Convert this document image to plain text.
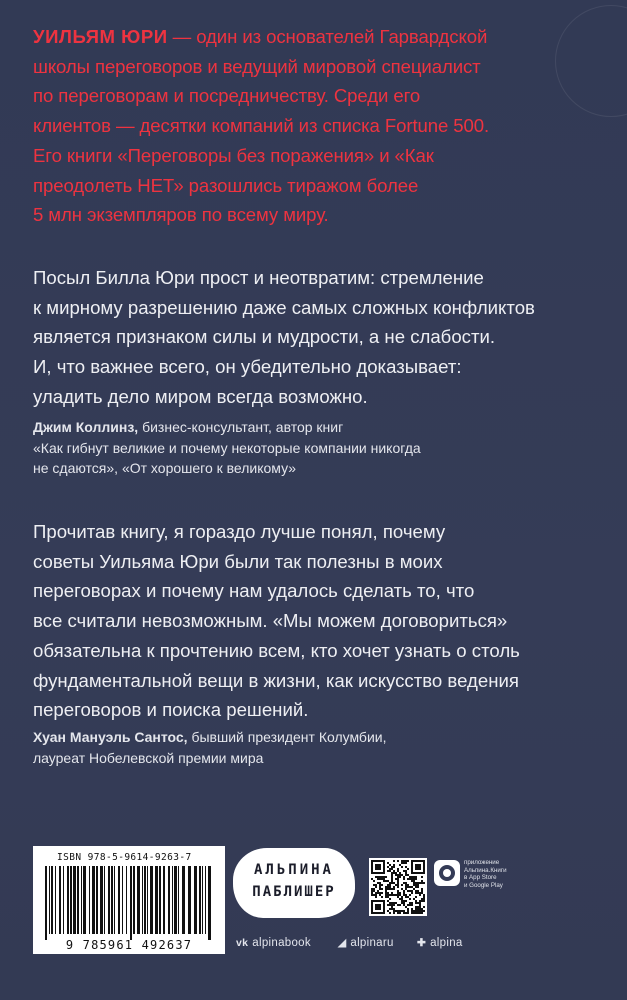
УИЛЬЯМ ЮРИ — один из основателей Гарвардской
школы переговоров и ведущий мировой специалист
по переговорам и посредничеству. Среди его
клиентов — десятки компаний из списка Fortune 500.
Его книги «Переговоры без поражения» и «Как
преодолеть НЕТ» разошлись тиражом более
5 млн экземпляров по всему миру.
Посыл Билла Юри прост и неотвратим: стремление
к мирному разрешению даже самых сложных конфликтов
является признаком силы и мудрости, а не слабости.
И, что важнее всего, он убедительно доказывает:
уладить дело миром всегда возможно.
Джим Коллинз, бизнес-консультант, автор книг
«Как гибнут великие и почему некоторые компании никогда
не сдаются», «От хорошего к великому»
Прочитав книгу, я гораздо лучше понял, почему
советы Уильяма Юри были так полезны в моих
переговорах и почему нам удалось сделать то, что
все считали невозможным. «Мы можем договориться»
обязательна к прочтению всем, кто хочет узнать о столь
фундаментальной вещи в жизни, как искусство ведения
переговоров и поиска решений.
Хуан Мануэль Сантос, бывший президент Колумбии,
лауреат Нобелевской премии мира
ISBN 978-5-9614-9263-7
9 785961 492637
АЛЬПИНА
ПАБЛИШЕР
приложение
Альпина.Книги
в App Store
и Google Play
vk alpinabook	◢ alpinaru ✚ alpina
